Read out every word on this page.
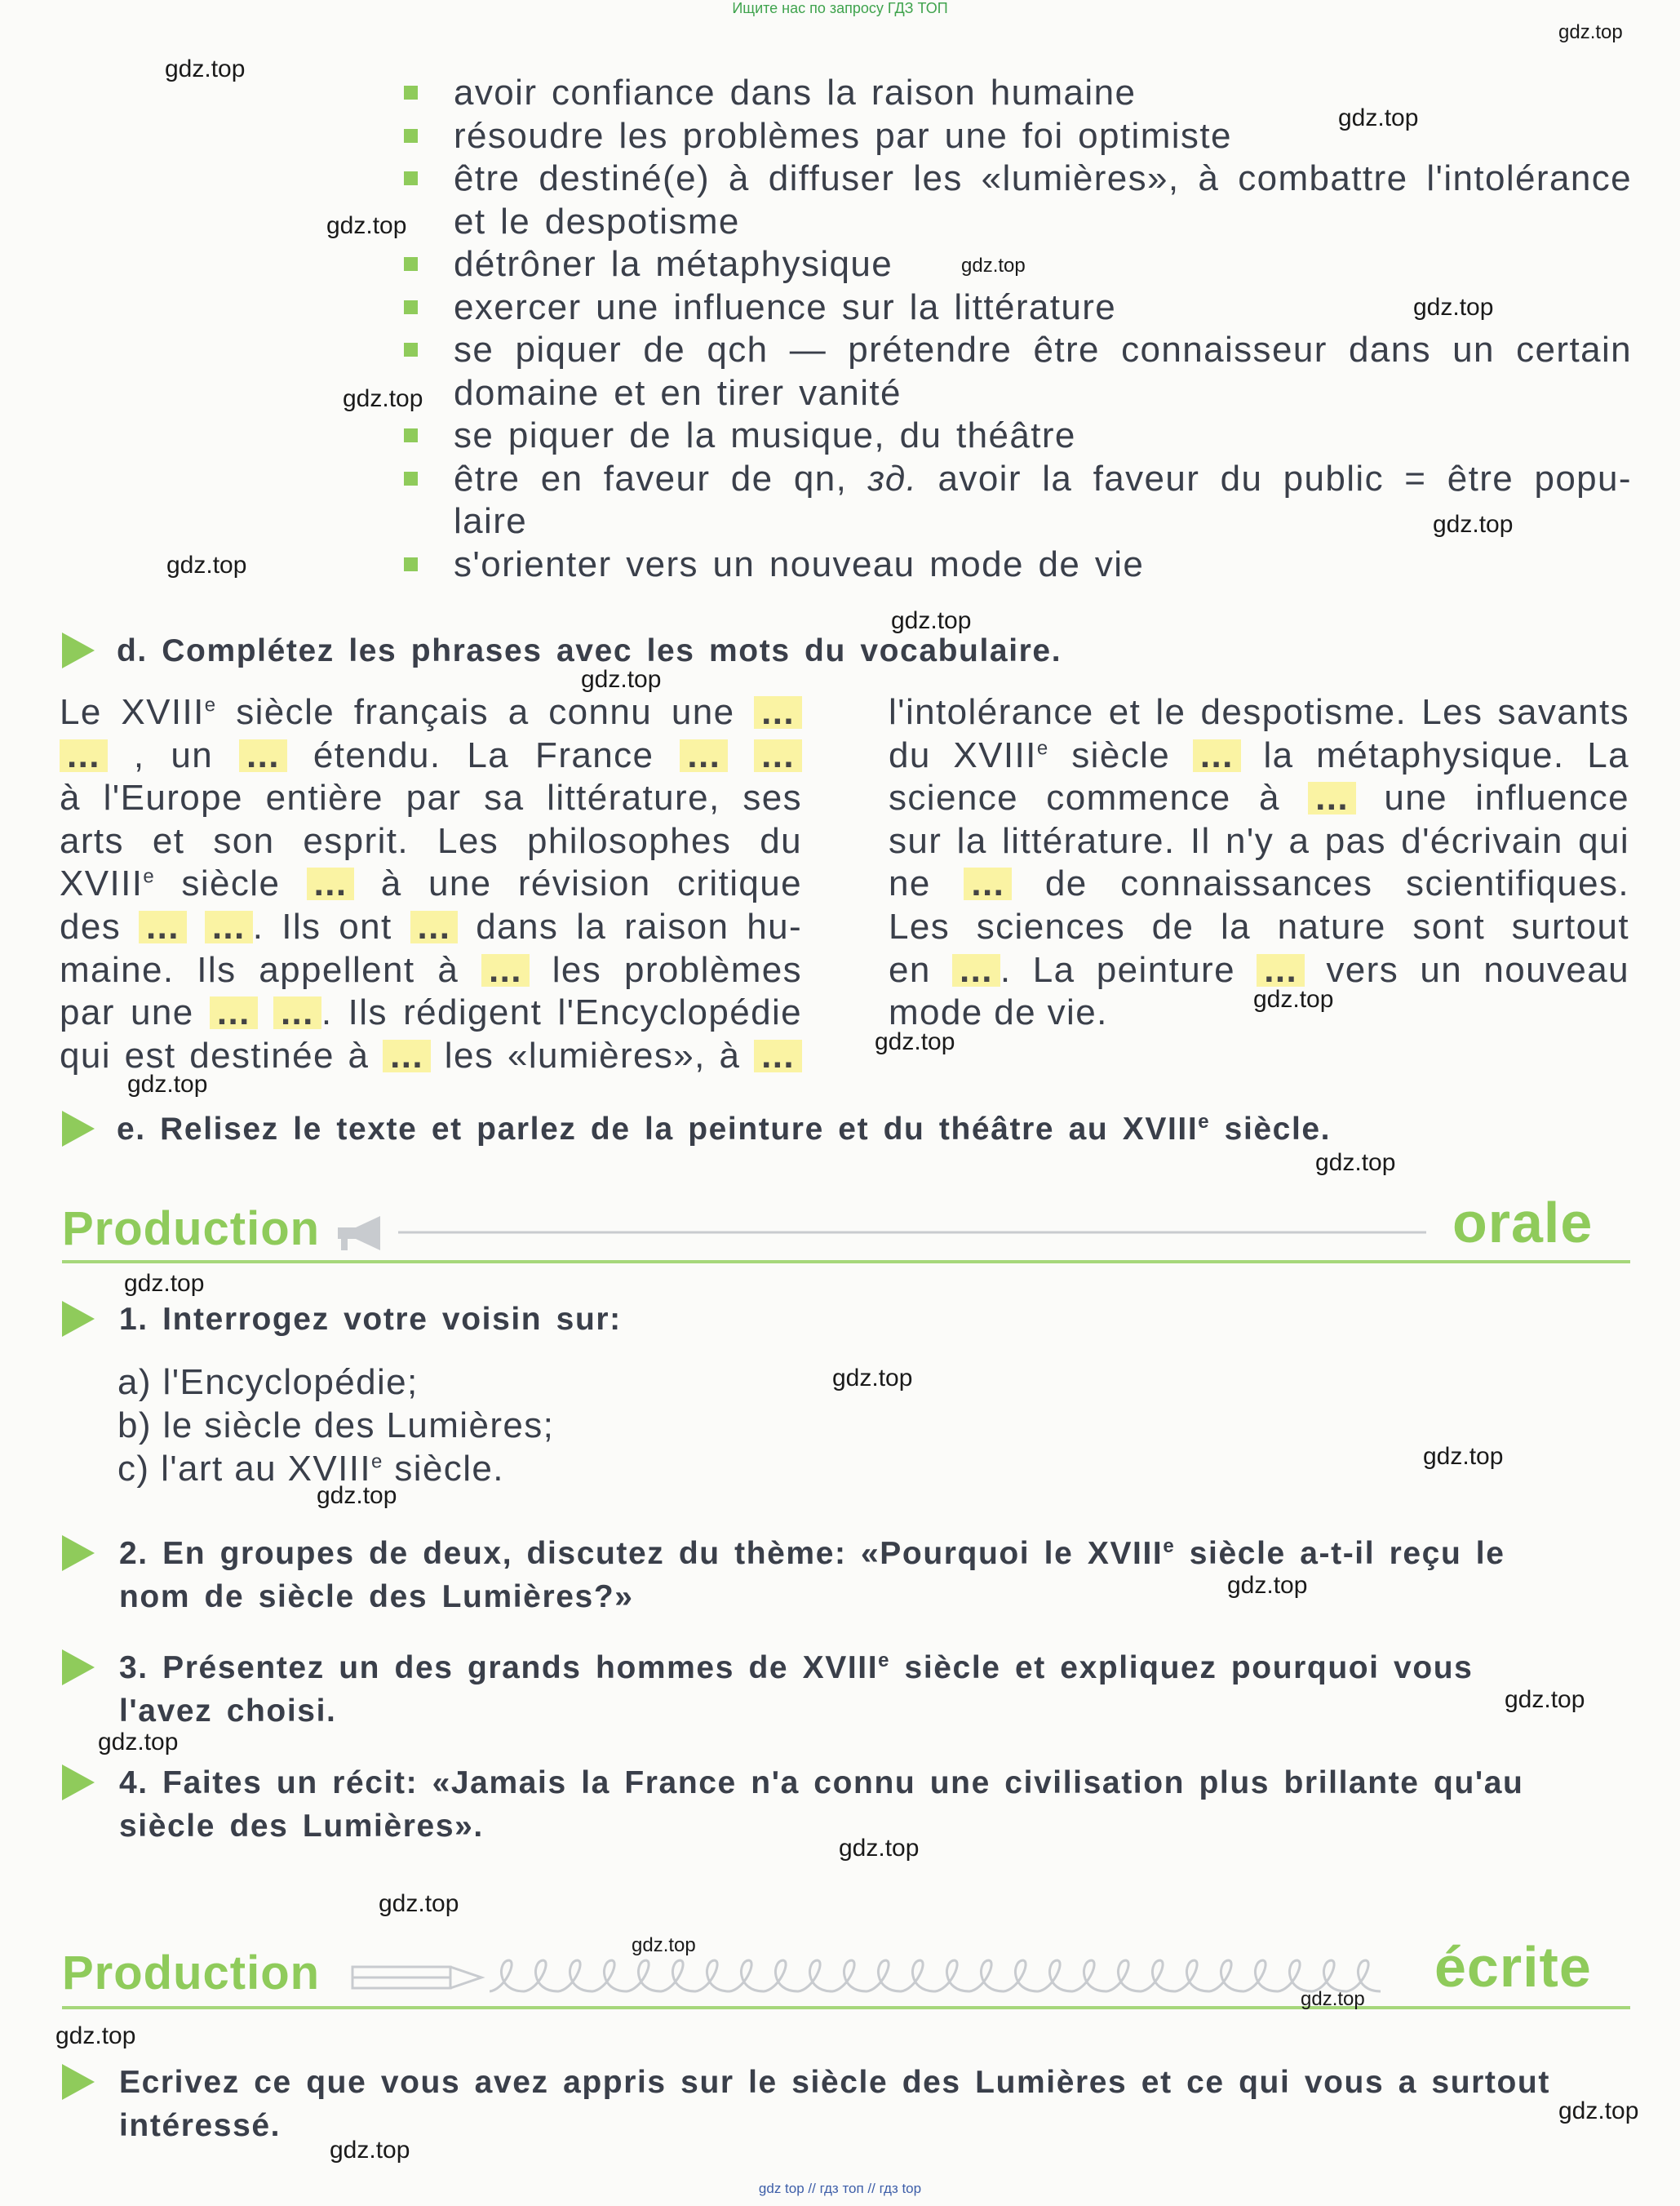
Ищите нас по запросу ГДЗ ТОП
avoir confiance dans la raison humaine
résoudre les problèmes par une foi optimiste
être destiné(e) à diffuser les «lumières», à combattre l'intolérance
et le despotisme
détrôner la métaphysique
exercer une influence sur la littérature
se piquer de qch — prétendre être connaisseur dans un certain
domaine et en tirer vanité
se piquer de la musique, du théâtre
être en faveur de qn, зд. avoir la faveur du public = être popu-
laire
s'orienter vers un nouveau mode de vie
d. Complétez les phrases avec les mots du vocabulaire.
Le XVIIIe siècle français a connu une ...
... , un ... étendu. La France ... ...
à l'Europe entière par sa littérature, ses
arts et son esprit. Les philosophes du
XVIIIe siècle ... à une révision critique
des ... ... . Ils ont ... dans la raison hu-
maine. Ils appellent à ... les problèmes
par une ... ... . Ils rédigent l'Encyclopédie
qui est destinée à ... les «lumières», à ...
l'intolérance et le despotisme. Les savants
du XVIIIe siècle ... la métaphysique. La
science commence à ... une influence
sur la littérature. Il n'y a pas d'écrivain qui
ne ... de connaissances scientifiques.
Les sciences de la nature sont surtout
en ... . La peinture ... vers un nouveau
mode de vie.
e. Relisez le texte et parlez de la peinture et du théâtre au XVIIIe siècle.
Production	orale
1. Interrogez votre voisin sur:
a) l'Encyclopédie;
b) le siècle des Lumières;
c) l'art au XVIIIe siècle.
2. En groupes de deux, discutez du thème: «Pourquoi le XVIIIe siècle a-t-il reçu le
nom de siècle des Lumières?»
3. Présentez un des grands hommes de XVIIIe siècle et expliquez pourquoi vous
l'avez choisi.
4. Faites un récit: «Jamais la France n'a connu une civilisation plus brillante qu'au
siècle des Lumières».
Production	écrite
Ecrivez ce que vous avez appris sur le siècle des Lumières et ce qui vous a surtout
intéressé.
gdz.top
gdz.top
gdz.top
gdz.top
gdz.top
gdz.top
gdz.top
gdz.top
gdz.top
gdz.top
gdz.top
gdz.top
gdz.top
gdz.top
gdz.top
gdz.top
gdz.top
gdz.top
gdz.top
gdz.top
gdz.top
gdz.top
gdz.top
gdz.top
gdz.top
gdz.top
gdz.top
gdz.top
gdz.top
gdz top // гдз топ // гдз top
